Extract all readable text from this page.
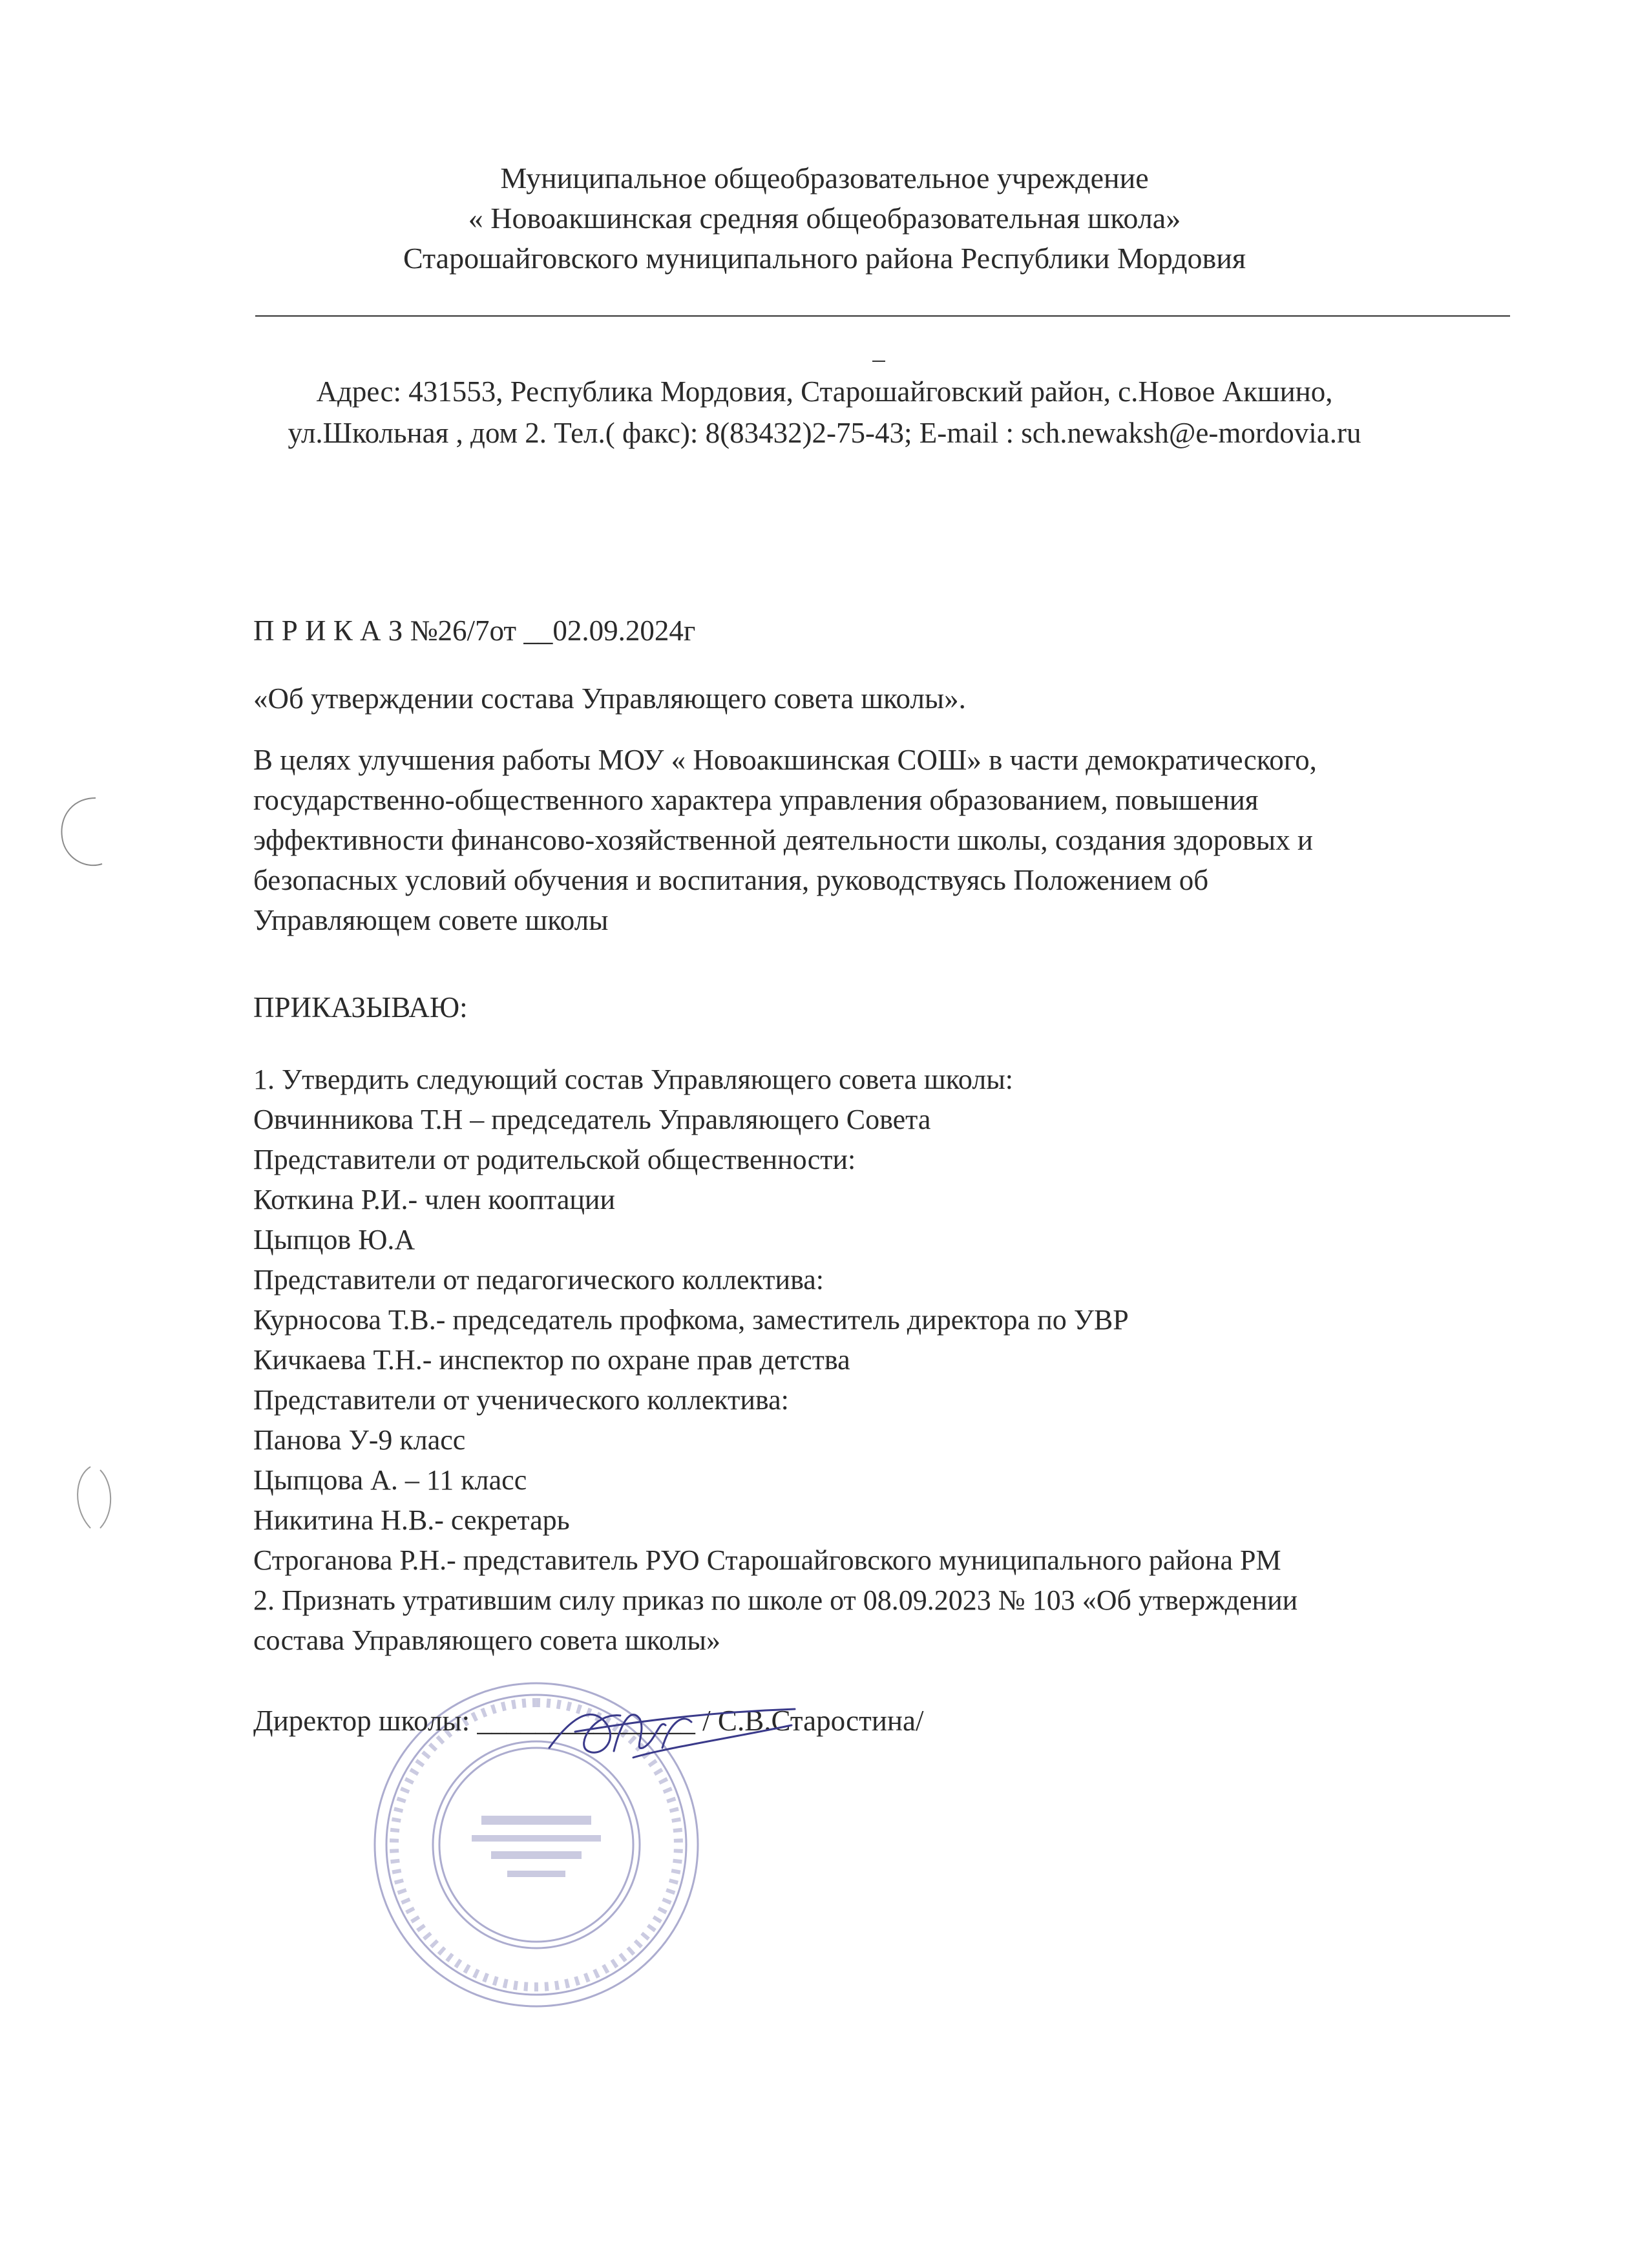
Муниципальное общеобразовательное учреждение
« Новоакшинская средняя общеобразовательная школа»
Старошайговского муниципального района Республики Мордовия
Адрес: 431553, Республика Мордовия, Старошайговский район, с.Новое Акшино,
ул.Школьная , дом 2. Тел.( факс): 8(83432)2-75-43; E-mail : sch.newaksh@e-mordovia.ru
П Р И К А З №26/7от __02.09.2024г
«Об утверждении состава Управляющего совета школы».
В целях улучшения работы МОУ « Новоакшинская СОШ» в части демократического,
государственно-общественного характера управления образованием, повышения
эффективности финансово-хозяйственной деятельности школы, создания здоровых и
безопасных условий обучения и воспитания, руководствуясь Положением об
Управляющем совете школы
ПРИКАЗЫВАЮ:
1. Утвердить следующий состав Управляющего совета школы:
Овчинникова Т.Н – председатель Управляющего Совета
Представители от родительской общественности:
Коткина Р.И.- член кооптации
Цыпцов Ю.А
Представители от педагогического коллектива:
Курносова Т.В.- председатель профкома, заместитель директора по УВР
Кичкаева Т.Н.- инспектор по охране прав детства
Представители от ученического коллектива:
Панова У-9 класс
Цыпцова А. – 11 класс
Никитина Н.В.- секретарь
Строганова Р.Н.- представитель РУО Старошайговского муниципального района РМ
2. Признать утратившим силу приказ по школе от 08.09.2023 № 103 «Об утверждении
состава Управляющего совета школы»
Директор школы: _______________ / С.В.Старостина/
